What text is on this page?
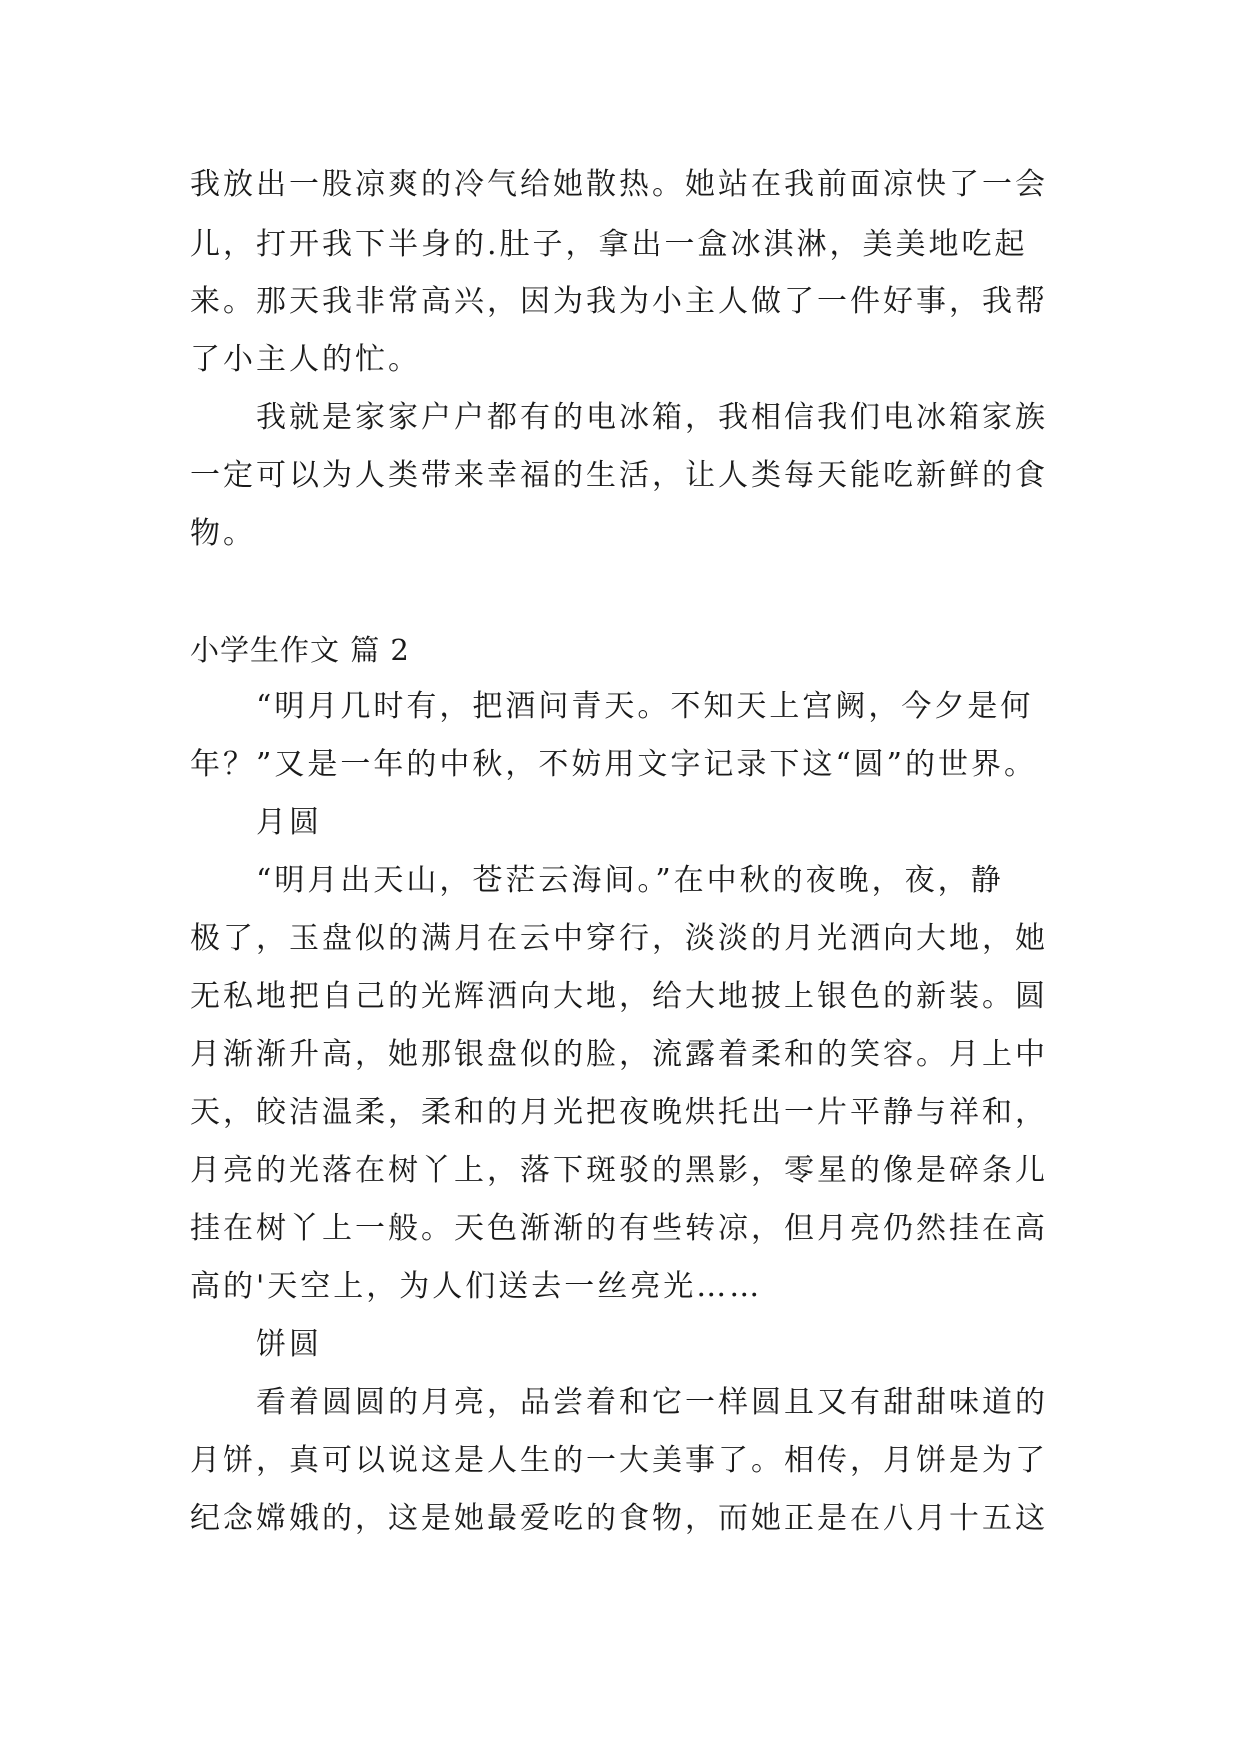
我放出一股凉爽的冷气给她散热。她站在我前面凉快了一会
儿，打开我下半身的.肚子，拿出一盒冰淇淋，美美地吃起
来。那天我非常高兴，因为我为小主人做了一件好事，我帮
了小主人的忙。
　　我就是家家户户都有的电冰箱，我相信我们电冰箱家族
一定可以为人类带来幸福的生活，让人类每天能吃新鲜的食
物。
小学生作文 篇 2
　　“明月几时有，把酒问青天。不知天上宫阙，今夕是何
年？”又是一年的中秋，不妨用文字记录下这“圆”的世界。
　　月圆
　　“明月出天山，苍茫云海间。”在中秋的夜晚，夜，静
极了，玉盘似的满月在云中穿行，淡淡的月光洒向大地，她
无私地把自己的光辉洒向大地，给大地披上银色的新装。圆
月渐渐升高，她那银盘似的脸，流露着柔和的笑容。月上中
天，皎洁温柔，柔和的月光把夜晚烘托出一片平静与祥和，
月亮的光落在树丫上，落下斑驳的黑影，零星的像是碎条儿
挂在树丫上一般。天色渐渐的有些转凉，但月亮仍然挂在高
高的'天空上，为人们送去一丝亮光……
　　饼圆
　　看着圆圆的月亮，品尝着和它一样圆且又有甜甜味道的
月饼，真可以说这是人生的一大美事了。相传，月饼是为了
纪念嫦娥的，这是她最爱吃的食物，而她正是在八月十五这
